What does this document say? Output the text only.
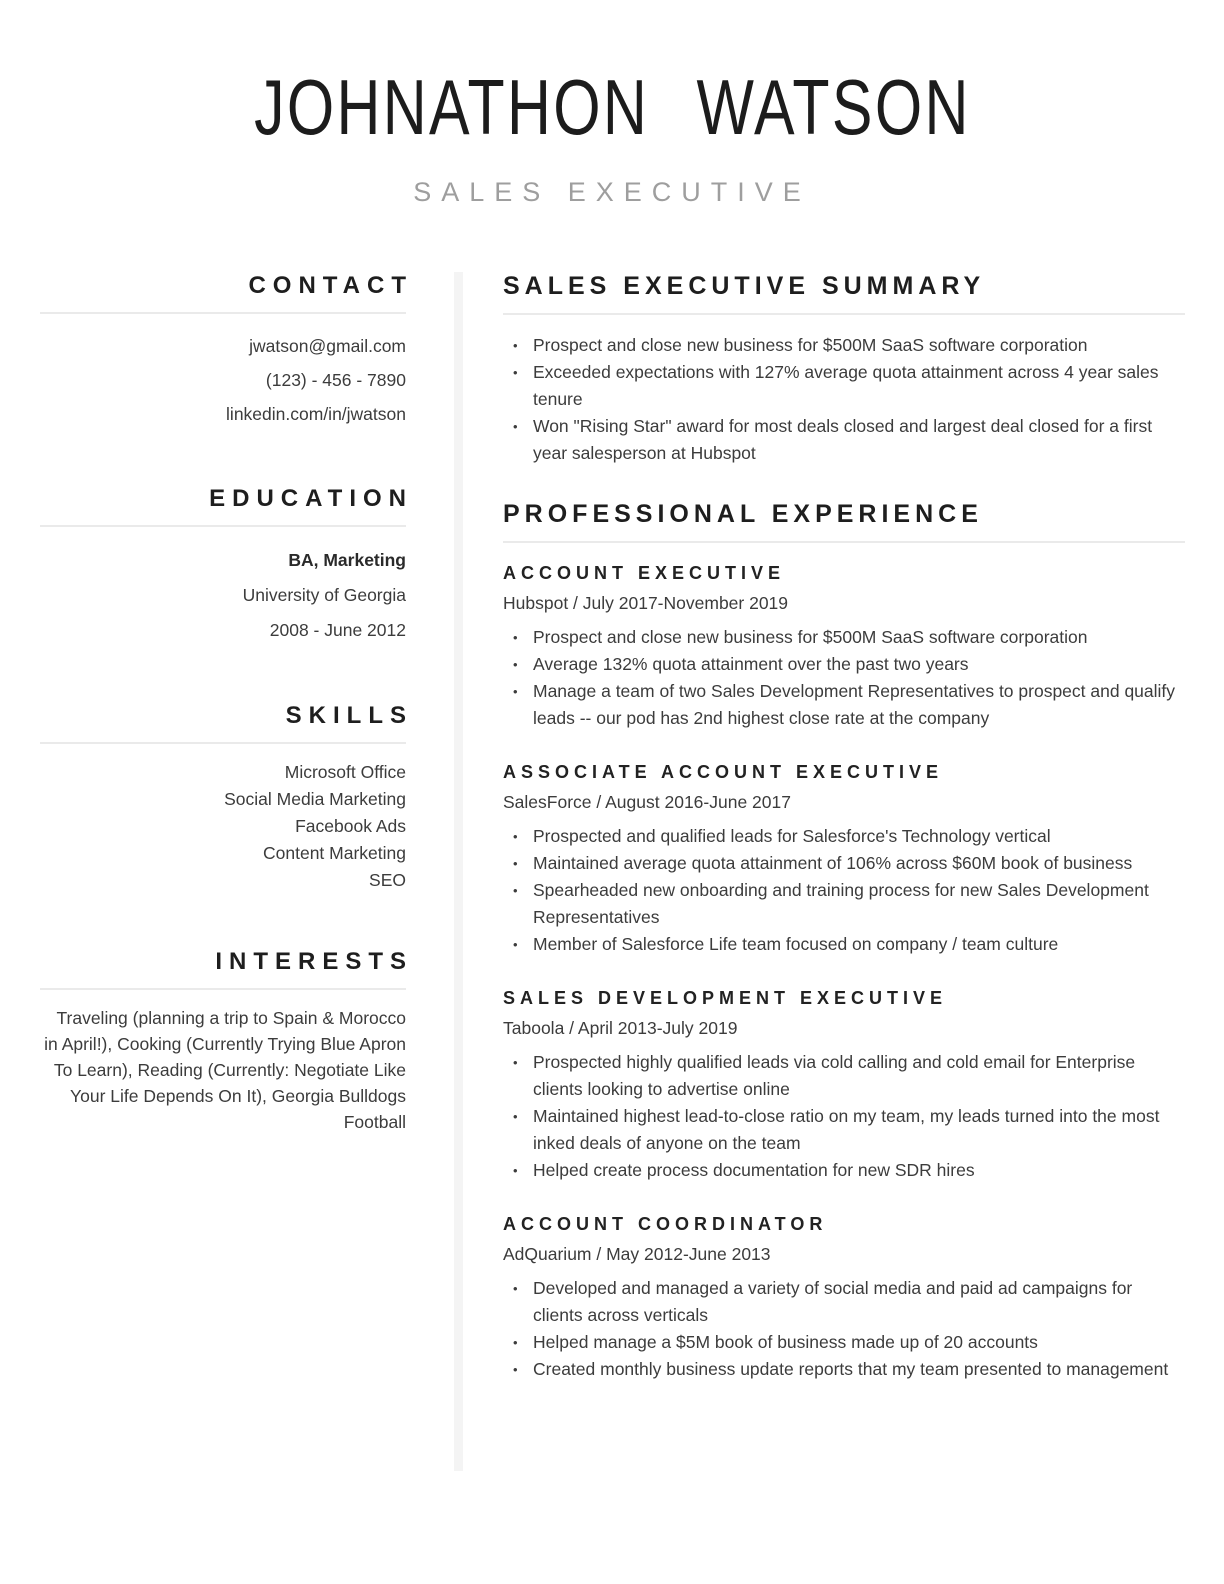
JOHNATHON WATSON
SALES EXECUTIVE
CONTACT
jwatson@gmail.com
(123) - 456 - 7890
linkedin.com/in/jwatson
EDUCATION
BA, Marketing
University of Georgia
2008 - June 2012
SKILLS
Microsoft Office
Social Media Marketing
Facebook Ads
Content Marketing
SEO
INTERESTS

Traveling (planning a trip to Spain & Morocco in April!), Cooking (Currently Trying Blue Apron To Learn), Reading (Currently: Negotiate Like Your Life Depends On It), Georgia Bulldogs Football

SALES EXECUTIVE SUMMARY
• Prospect and close new business for $500M SaaS software corporation
• Exceeded expectations with 127% average quota attainment across 4 year sales tenure
• Won "Rising Star" award for most deals closed and largest deal closed for a first year salesperson at Hubspot
PROFESSIONAL EXPERIENCE
ACCOUNT EXECUTIVE
Hubspot / July 2017-November 2019
• Prospect and close new business for $500M SaaS software corporation
• Average 132% quota attainment over the past two years
• Manage a team of two Sales Development Representatives to prospect and qualify leads -- our pod has 2nd highest close rate at the company
ASSOCIATE ACCOUNT EXECUTIVE
SalesForce / August 2016-June 2017
• Prospected and qualified leads for Salesforce's Technology vertical
• Maintained average quota attainment of 106% across $60M book of business
• Spearheaded new onboarding and training process for new Sales Development Representatives
• Member of Salesforce Life team focused on company / team culture
SALES DEVELOPMENT EXECUTIVE
Taboola / April 2013-July 2019
• Prospected highly qualified leads via cold calling and cold email for Enterprise clients looking to advertise online
• Maintained highest lead-to-close ratio on my team, my leads turned into the most inked deals of anyone on the team
• Helped create process documentation for new SDR hires
ACCOUNT COORDINATOR
AdQuarium / May 2012-June 2013
• Developed and managed a variety of social media and paid ad campaigns for clients across verticals
• Helped manage a $5M book of business made up of 20 accounts
• Created monthly business update reports that my team presented to management
